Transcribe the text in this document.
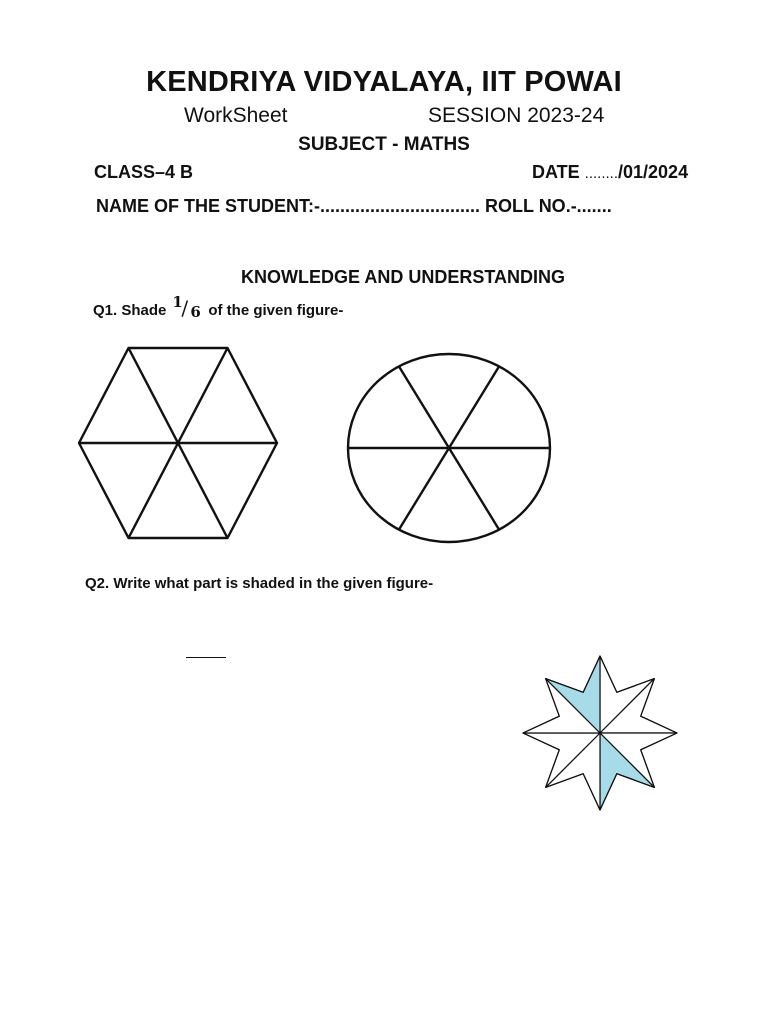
KENDRIYA VIDYALAYA, IIT POWAI
WorkSheet	SESSION 2023-24
SUBJECT - MATHS
CLASS–4 B	DATE ......../01/2024
NAME OF THE STUDENT:-................................ ROLL NO.-.......
KNOWLEDGE AND UNDERSTANDING
Q1. Shade 1
/ 6 of the given figure-
Q2. Write what part is shaded in the given figure-
